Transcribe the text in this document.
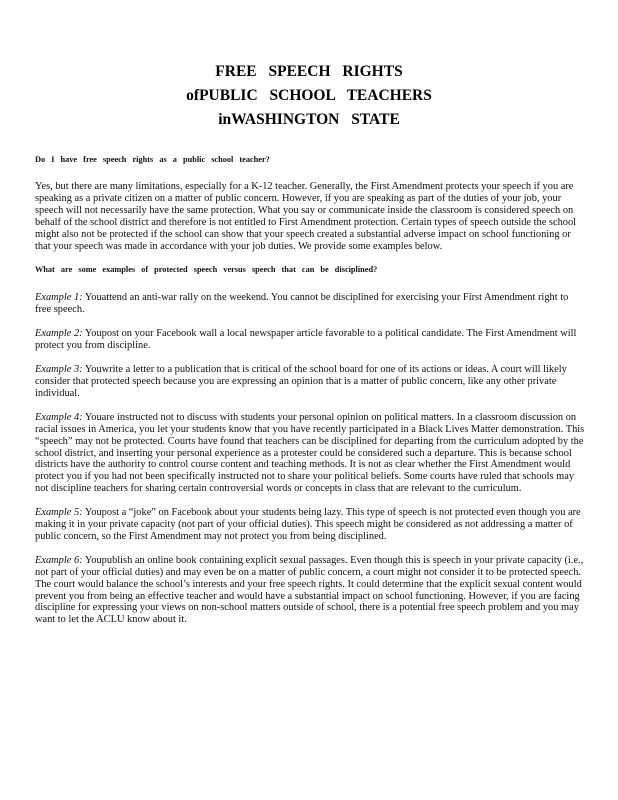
FREE SPEECH RIGHTS
ofPUBLIC SCHOOL TEACHERS
inWASHINGTON STATE
Do I have free speech rights as a public school teacher?

Yes, but there are many limitations, especially for a K-12 teacher. Generally, the First Amendment protects your speech if you are speaking as a private citizen on a matter of public concern. However, if you are speaking as part of the duties of your job, your speech will not necessarily have the same protection. What you say or communicate inside the classroom is considered speech on behalf of the school district and therefore is not entitled to First Amendment protection. Certain types of speech outside the school might also not be protected if the school can show that your speech created a substantial adverse impact on school functioning or that your speech was made in accordance with your job duties. We provide some examples below.

What are some examples of protected speech versus speech that can be disciplined?

Example 1: Youattend an anti-war rally on the weekend. You cannot be disciplined for exercising your First Amendment right to free speech.

Example 2: Youpost on your Facebook wall a local newspaper article favorable to a political candidate. The First Amendment will protect you from discipline.

Example 3: Youwrite a letter to a publication that is critical of the school board for one of its actions or ideas. A court will likely consider that protected speech because you are expressing an opinion that is a matter of public concern, like any other private individual.

Example 4: Youare instructed not to discuss with students your personal opinion on political matters. In a classroom discussion on racial issues in America, you let your students know that you have recently participated in a Black Lives Matter demonstration. This “speech” may not be protected. Courts have found that teachers can be disciplined for departing from the curriculum adopted by the school district, and inserting your personal experience as a protester could be considered such a departure. This is because school districts have the authority to control course content and teaching methods. It is not as clear whether the First Amendment would protect you if you had not been specifically instructed not to share your political beliefs. Some courts have ruled that schools may not discipline teachers for sharing certain controversial words or concepts in class that are relevant to the curriculum.

Example 5: Youpost a “joke” on Facebook about your students being lazy. This type of speech is not protected even though you are making it in your private capacity (not part of your official duties). This speech might be considered as not addressing a matter of public concern, so the First Amendment may not protect you from being disciplined.

Example 6: Youpublish an online book containing explicit sexual passages. Even though this is speech in your private capacity (i.e., not part of your official duties) and may even be on a matter of public concern, a court might not consider it to be protected speech. The court would balance the school’s interests and your free speech rights. It could determine that the explicit sexual content would prevent you from being an effective teacher and would have a substantial impact on school functioning. However, if you are facing discipline for expressing your views on non-school matters outside of school, there is a potential free speech problem and you may want to let the ACLU know about it.
